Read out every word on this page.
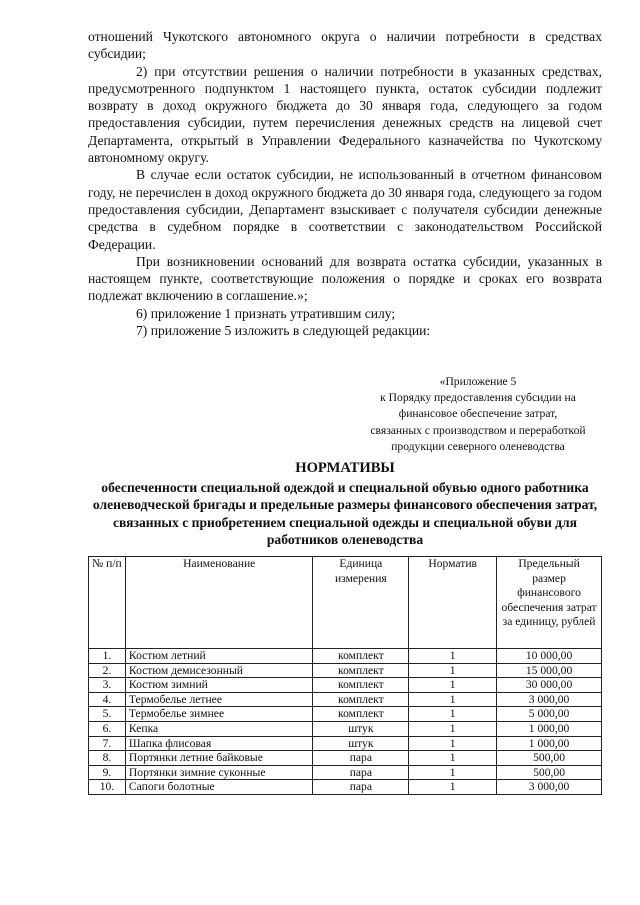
отношений Чукотского автономного округа о наличии потребности в средствах субсидии;

2) при отсутствии решения о наличии потребности в указанных средствах, предусмотренного подпунктом 1 настоящего пункта, остаток субсидии подлежит возврату в доход окружного бюджета до 30 января года, следующего за годом предоставления субсидии, путем перечисления денежных средств на лицевой счет Департамента, открытый в Управлении Федерального казначейства по Чукотскому автономному округу.

В случае если остаток субсидии, не использованный в отчетном финансовом году, не перечислен в доход окружного бюджета до 30 января года, следующего за годом предоставления субсидии, Департамент взыскивает с получателя субсидии денежные средства в судебном порядке в соответствии с законодательством Российской Федерации.

При возникновении оснований для возврата остатка субсидии, указанных в настоящем пункте, соответствующие положения о порядке и сроках его возврата подлежат включению в соглашение.»;

6) приложение 1 признать утратившим силу;

7) приложение 5 изложить в следующей редакции:

«Приложение 5
к Порядку предоставления субсидии на
финансовое обеспечение затрат,
связанных с производством и переработкой
продукции северного оленеводства
НОРМАТИВЫ
обеспеченности специальной одеждой и специальной обувью одного работника оленеводческой бригады и предельные размеры финансового обеспечения затрат, связанных с приобретением специальной одежды и специальной обуви для работников оленеводства
№ п/п	Наименование	Единица измерения	Норматив	Предельный размер финансового обеспечения затрат за единицу, рублей
1.	Костюм летний	комплект	1	10 000,00
2.	Костюм демисезонный	комплект	1	15 000,00
3.	Костюм зимний	комплект	1	30 000,00
4.	Термобелье летнее	комплект	1	3 000,00
5.	Термобелье зимнее	комплект	1	5 000,00
6.	Кепка	штук	1	1 000,00
7.	Шапка флисовая	штук	1	1 000,00
8.	Портянки летние байковые	пара	1	500,00
9.	Портянки зимние суконные	пара	1	500,00
10.	Сапоги болотные	пара	1	3 000,00
